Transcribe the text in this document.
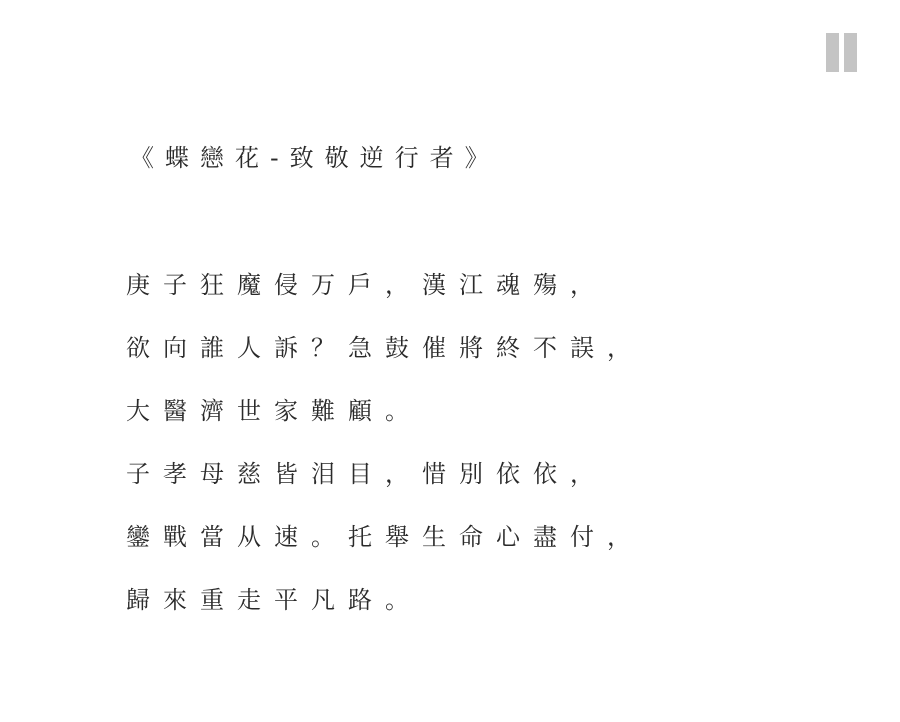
《蝶戀花-致敬逆行者》
庚子狂魔侵万戶，漢江魂殤，
欲向誰人訴？急鼓催將終不誤，
大醫濟世家難顧。
子孝母慈皆泪目，惜別依依，
鑾戰當从速。托舉生命心盡付，
歸來重走平凡路。
